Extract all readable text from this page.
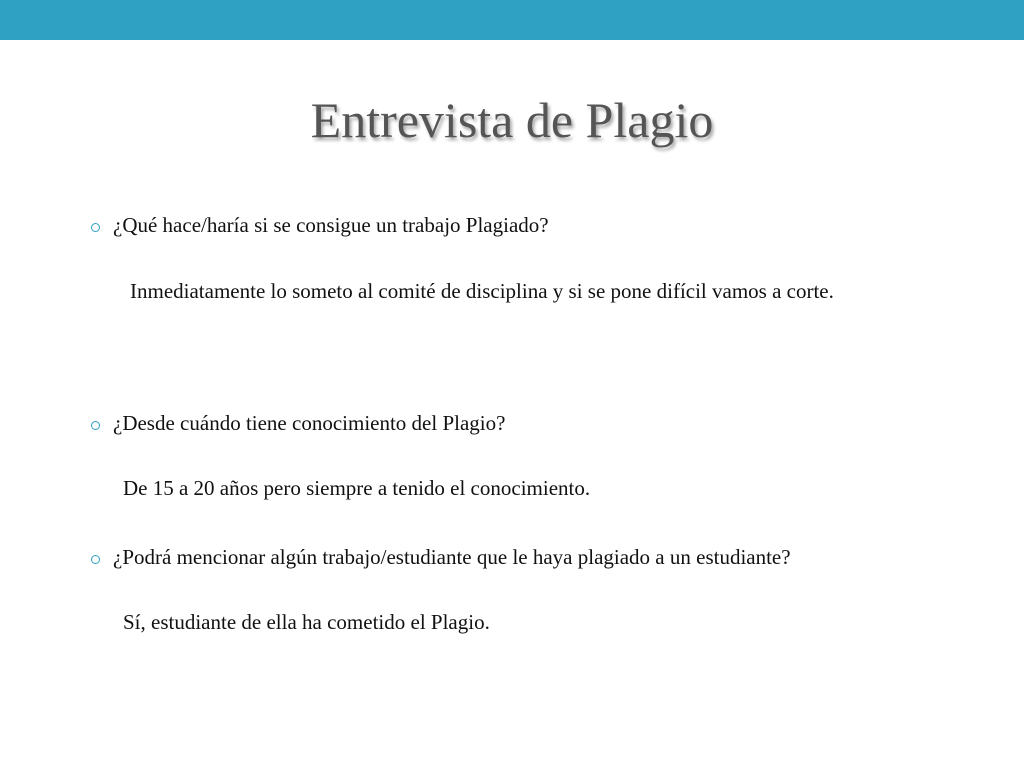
Entrevista de Plagio
¿Qué hace/haría si se consigue un trabajo Plagiado?
Inmediatamente lo someto al comité de disciplina y si se pone difícil vamos a corte.
¿Desde cuándo tiene conocimiento del Plagio?
De 15 a 20 años pero siempre a tenido el conocimiento.
¿Podrá mencionar algún trabajo/estudiante que le haya plagiado a un estudiante?
Sí, estudiante de ella ha cometido el Plagio.
